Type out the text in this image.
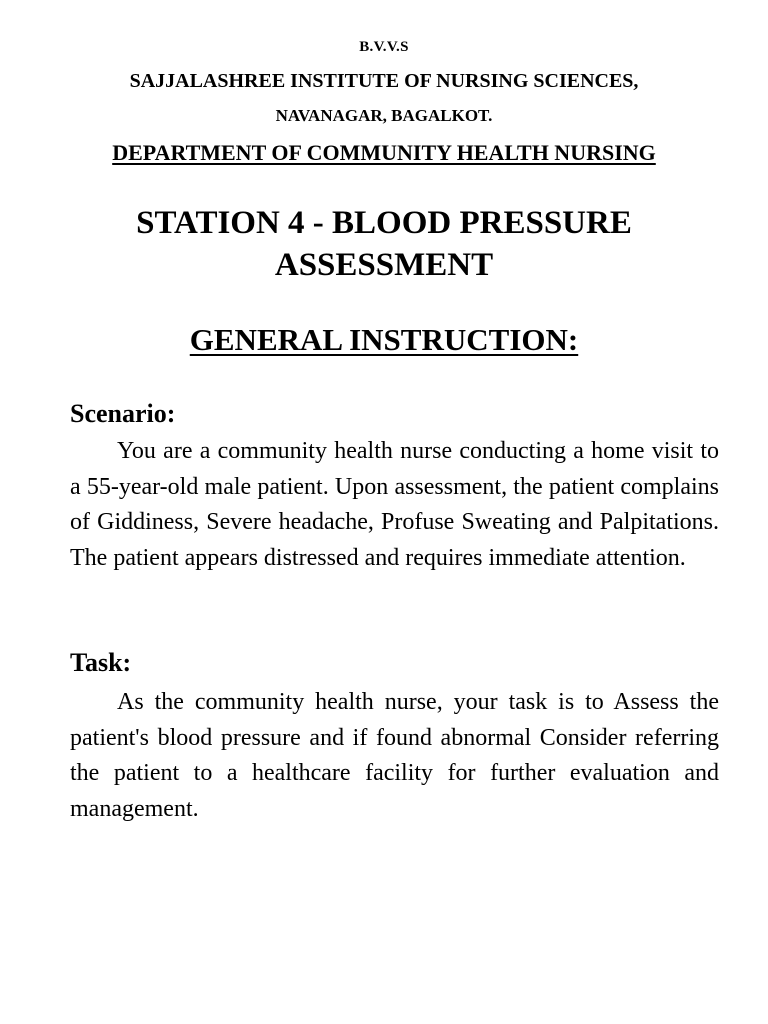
B.V.V.S
SAJJALASHREE INSTITUTE OF NURSING SCIENCES,
NAVANAGAR, BAGALKOT.
DEPARTMENT OF COMMUNITY HEALTH NURSING
STATION 4 - BLOOD PRESSURE
ASSESSMENT
GENERAL INSTRUCTION:
Scenario:
You are a community health nurse conducting a home visit to a 55-year-old male patient. Upon assessment, the patient complains of Giddiness, Severe headache, Profuse Sweating and Palpitations. The patient appears distressed and requires immediate attention.
Task:
As the community health nurse, your task is to Assess the patient's blood pressure and if found abnormal Consider referring the patient to a healthcare facility for further evaluation and management.
